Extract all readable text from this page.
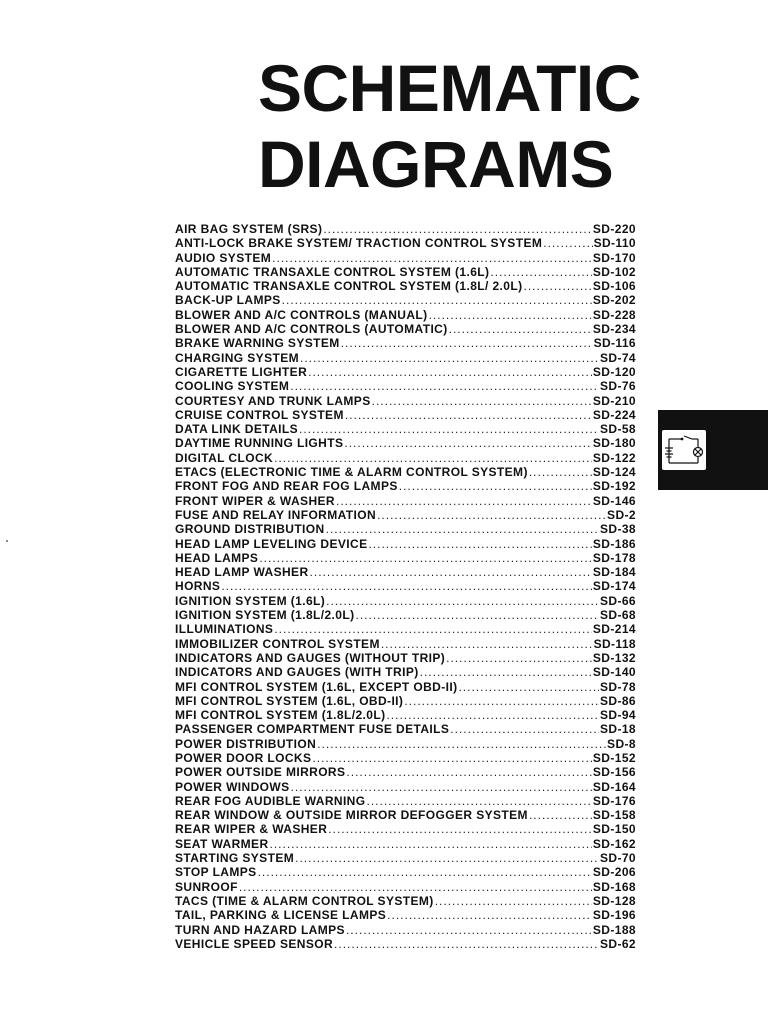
SCHEMATIC
DIAGRAMS
AIR BAG SYSTEM (SRS) .....	SD-220
ANTI-LOCK BRAKE SYSTEM/ TRACTION CONTROL SYSTEM .....	SD-110
AUDIO SYSTEM .....	SD-170
AUTOMATIC TRANSAXLE CONTROL SYSTEM (1.6L) .....	SD-102
AUTOMATIC TRANSAXLE CONTROL SYSTEM (1.8L/ 2.0L) .....	SD-106
BACK-UP LAMPS .....	SD-202
BLOWER AND A/C CONTROLS (MANUAL) .....	SD-228
BLOWER AND A/C CONTROLS (AUTOMATIC) .....	SD-234
BRAKE WARNING SYSTEM .....	SD-116
CHARGING SYSTEM .....	SD-74
CIGARETTE LIGHTER .....	SD-120
COOLING SYSTEM .....	SD-76
COURTESY AND TRUNK LAMPS .....	SD-210
CRUISE CONTROL SYSTEM .....	SD-224
DATA LINK DETAILS .....	SD-58
DAYTIME RUNNING LIGHTS .....	SD-180
DIGITAL CLOCK .....	SD-122
ETACS (ELECTRONIC TIME & ALARM CONTROL SYSTEM) .....	SD-124
FRONT FOG AND REAR FOG LAMPS .....	SD-192
FRONT WIPER & WASHER .....	SD-146
FUSE AND RELAY INFORMATION .....	SD-2
GROUND DISTRIBUTION .....	SD-38
HEAD LAMP LEVELING DEVICE .....	SD-186
HEAD LAMPS .....	SD-178
HEAD LAMP WASHER .....	SD-184
HORNS .....	SD-174
IGNITION SYSTEM (1.6L) .....	SD-66
IGNITION SYSTEM (1.8L/2.0L) .....	SD-68
ILLUMINATIONS .....	SD-214
IMMOBILIZER CONTROL SYSTEM .....	SD-118
INDICATORS AND GAUGES (WITHOUT TRIP) .....	SD-132
INDICATORS AND GAUGES (WITH TRIP) .....	SD-140
MFI CONTROL SYSTEM (1.6L, EXCEPT OBD-II) .....	SD-78
MFI CONTROL SYSTEM (1.6L, OBD-II) .....	SD-86
MFI CONTROL SYSTEM (1.8L/2.0L) .....	SD-94
PASSENGER COMPARTMENT FUSE DETAILS .....	SD-18
POWER DISTRIBUTION .....	SD-8
POWER DOOR LOCKS .....	SD-152
POWER OUTSIDE MIRRORS .....	SD-156
POWER WINDOWS .....	SD-164
REAR FOG AUDIBLE WARNING .....	SD-176
REAR WINDOW & OUTSIDE MIRROR DEFOGGER SYSTEM .....	SD-158
REAR WIPER & WASHER .....	SD-150
SEAT WARMER .....	SD-162
STARTING SYSTEM .....	SD-70
STOP LAMPS .....	SD-206
SUNROOF .....	SD-168
TACS (TIME & ALARM CONTROL SYSTEM) .....	SD-128
TAIL, PARKING & LICENSE LAMPS .....	SD-196
TURN AND HAZARD LAMPS .....	SD-188
VEHICLE SPEED SENSOR .....	SD-62
